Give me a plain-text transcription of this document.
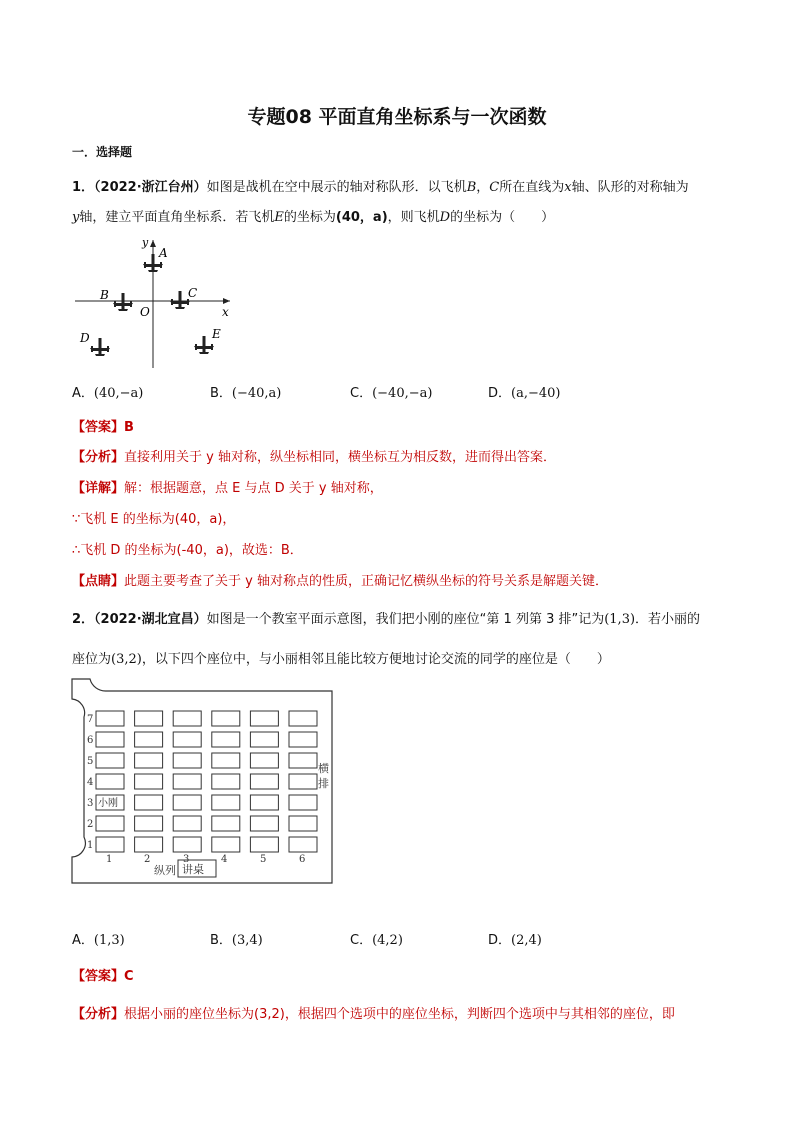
专题08 平面直角坐标系与一次函数
一．选择题
1．（2022·浙江台州）如图是战机在空中展示的轴对称队形．以飞机B，C所在直线为x轴、队形的对称轴为
y轴，建立平面直角坐标系．若飞机E的坐标为(40，a)，则飞机D的坐标为（　　）
y
A
B	C
O	x
D	E
A．(40,−a)	B．(−40,a)	C．(−40,−a)	D．(a,−40)
【答案】B
【分析】直接利用关于 y 轴对称，纵坐标相同，横坐标互为相反数，进而得出答案．
【详解】解：根据题意，点 E 与点 D 关于 y 轴对称，
∵飞机 E 的坐标为(40，a)，
∴飞机 D 的坐标为(-40，a)，故选：B．
【点睛】此题主要考查了关于 y 轴对称点的性质，正确记忆横纵坐标的符号关系是解题关键．
2．（2022·湖北宜昌）如图是一个教室平面示意图，我们把小刚的座位“第 1 列第 3 排”记为(1,3)．若小丽的
座位为(3,2)，以下四个座位中，与小丽相邻且能比较方便地讨论交流的同学的座位是（　　）
7
6
5
4
3
2
1
小刚
1	2	3	4	5	6
横
排
纵列 讲桌
A．(1,3)	B．(3,4)	C．(4,2)	D．(2,4)
【答案】C
【分析】根据小丽的座位坐标为(3,2)，根据四个选项中的座位坐标，判断四个选项中与其相邻的座位，即
